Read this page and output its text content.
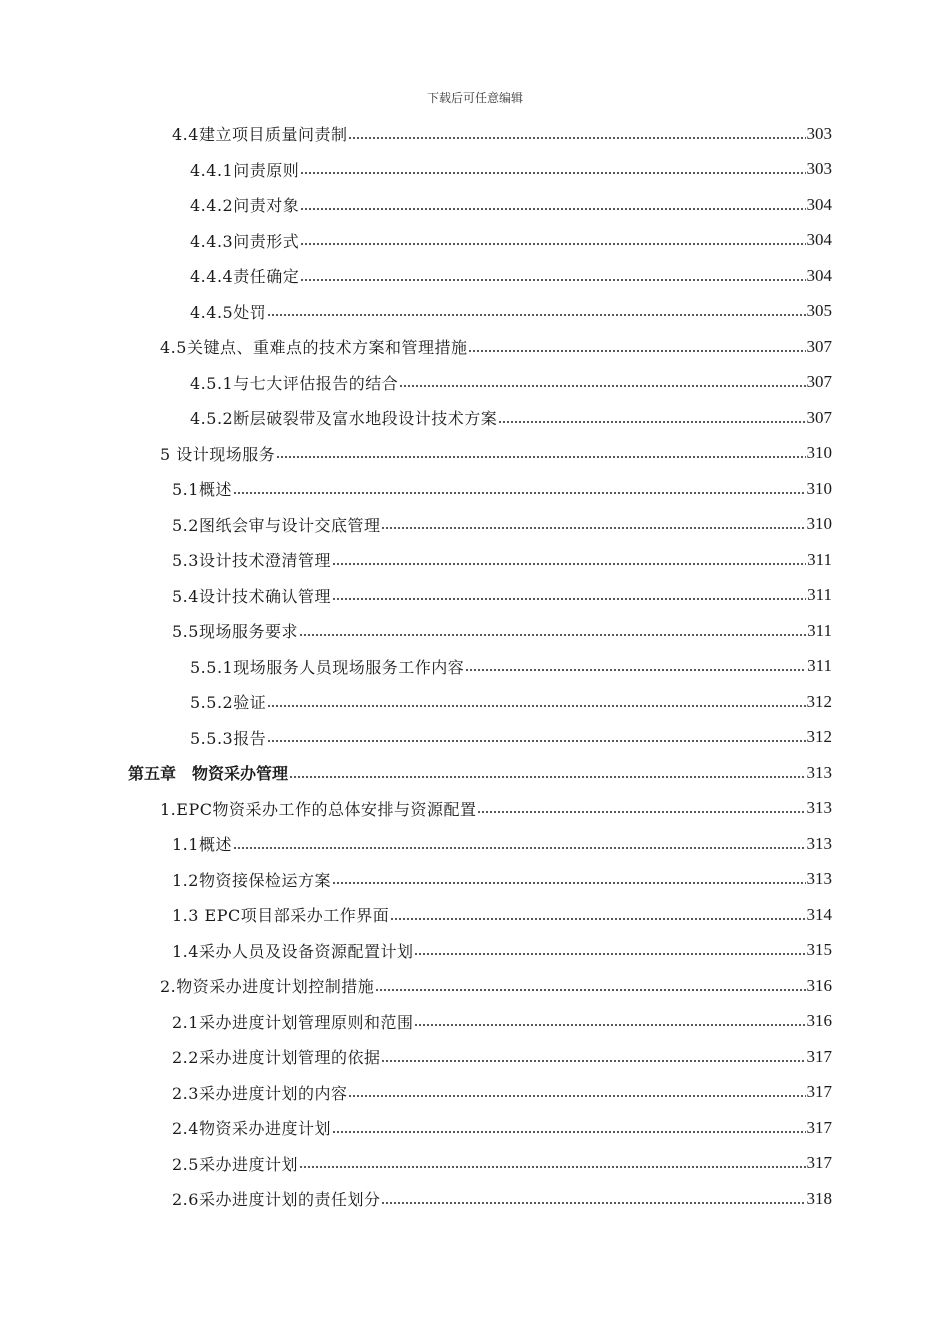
下载后可任意编辑
4.4建立项目质量问责制	303
4.4.1问责原则	303
4.4.2问责对象	304
4.4.3问责形式	304
4.4.4责任确定	304
4.4.5处罚	305
4.5关键点、重难点的技术方案和管理措施	307
4.5.1与七大评估报告的结合	307
4.5.2断层破裂带及富水地段设计技术方案	307
5 设计现场服务	310
5.1概述	310
5.2图纸会审与设计交底管理	310
5.3设计技术澄清管理	311
5.4设计技术确认管理	311
5.5现场服务要求	311
5.5.1现场服务人员现场服务工作内容	311
5.5.2验证	312
5.5.3报告	312
第五章　物资采办管理	313
1.EPC物资采办工作的总体安排与资源配置	313
1.1概述	313
1.2物资接保检运方案	313
1.3 EPC项目部采办工作界面	314
1.4采办人员及设备资源配置计划	315
2.物资采办进度计划控制措施	316
2.1采办进度计划管理原则和范围	316
2.2采办进度计划管理的依据	317
2.3采办进度计划的内容	317
2.4物资采办进度计划	317
2.5采办进度计划	317
2.6采办进度计划的责任划分	318
